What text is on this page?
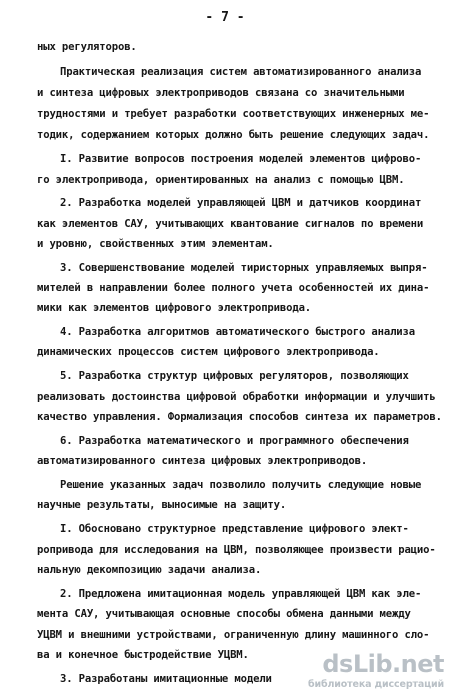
- 7 -
ных регуляторов.
Практическая реализация систем автоматизированного анализа
и синтеза цифровых электроприводов связана со значительными
трудностями и требует разработки соответствующих инженерных ме-
тодик, содержанием которых должно быть решение следующих задач.
I. Развитие вопросов построения моделей элементов цифрово-
го электропривода, ориентированных на анализ с помощью ЦВМ.
2. Разработка моделей управляющей ЦВМ и датчиков координат
как элементов САУ, учитывающих квантование сигналов по времени
и уровню, свойственных этим элементам.
3. Совершенствование моделей тиристорных управляемых выпря-
мителей в направлении более полного учета особенностей их дина-
мики как элементов цифрового электропривода.
4. Разработка алгоритмов автоматического быстрого анализа
динамических процессов систем цифрового электропривода.
5. Разработка структур цифровых регуляторов, позволяющих
реализовать достоинства цифровой обработки информации и улучшить
качество управления. Формализация способов синтеза их параметров.
6. Разработка математического и программного обеспечения
автоматизированного синтеза цифровых электроприводов.
Решение указанных задач позволило получить следующие новые
научные результаты, выносимые на защиту.
I. Обосновано структурное представление цифрового элект-
ропривода для исследования на ЦВМ, позволяющее произвести рацио-
нальную декомпозицию задачи анализа.
2. Предложена имитационная модель управляющей ЦВМ как эле-
мента САУ, учитывающая основные способы обмена данными между
УЦВМ и внешними устройствами, ограниченную длину машинного сло-
ва и конечное быстродействие УЦВМ.
3. Разработаны имитационные модели
dsLib.net
библиотека диссертаций
